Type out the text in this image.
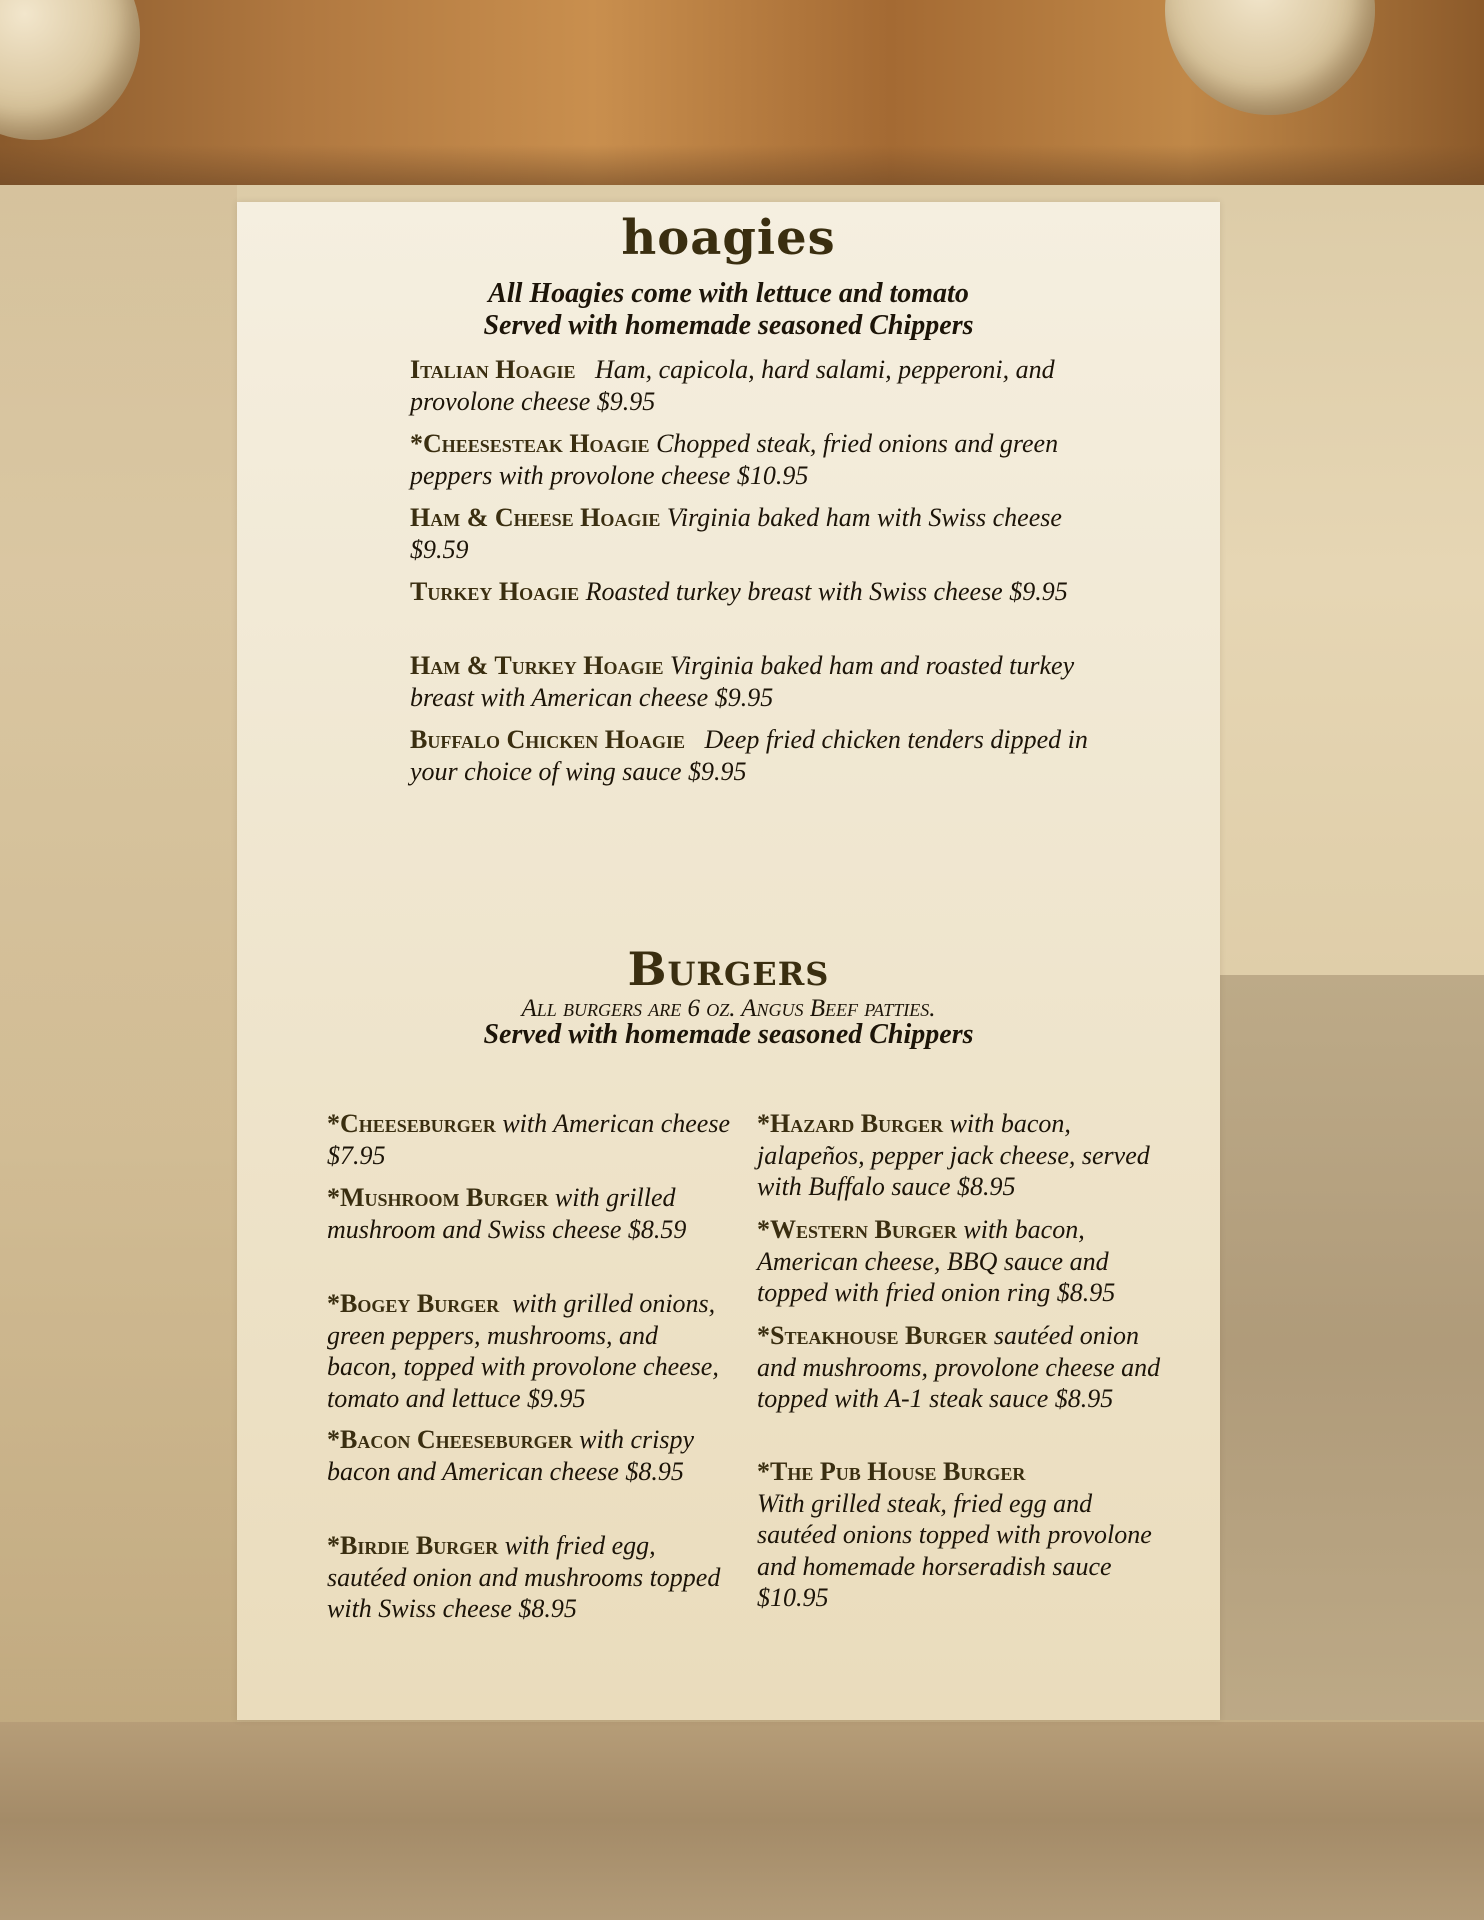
hoagies

All Hoagies come with lettuce and tomato

Served with homemade seasoned Chippers

Italian Hoagie Ham, capicola, hard salami, pepperoni, and provolone cheese $9.95

*Cheesesteak Hoagie Chopped steak, fried onions and green peppers with provolone cheese $10.95

Ham & Cheese Hoagie Virginia baked ham with Swiss cheese $9.59

Turkey Hoagie Roasted turkey breast with Swiss cheese $9.95

Ham & Turkey Hoagie Virginia baked ham and roasted turkey breast with American cheese $9.95

Buffalo Chicken Hoagie Deep fried chicken tenders dipped in your choice of wing sauce $9.95

Burgers

All burgers are 6 oz. Angus Beef patties.

Served with homemade seasoned Chippers

*Cheeseburger with American cheese $7.95

*Mushroom Burger with grilled mushroom and Swiss cheese $8.59

*Bogey Burger with grilled onions, green peppers, mushrooms, and bacon, topped with provolone cheese, tomato and lettuce $9.95

*Bacon Cheeseburger with crispy bacon and American cheese $8.95

*Birdie Burger with fried egg, sautéed onion and mushrooms topped with Swiss cheese $8.95

*Hazard Burger with bacon, jalapeños, pepper jack cheese, served with Buffalo sauce $8.95

*Western Burger with bacon, American cheese, BBQ sauce and topped with fried onion ring $8.95

*Steakhouse Burger sautéed onion and mushrooms, provolone cheese and topped with A-1 steak sauce $8.95

*The Pub House Burger
With grilled steak, fried egg and sautéed onions topped with provolone and homemade horseradish sauce $10.95
